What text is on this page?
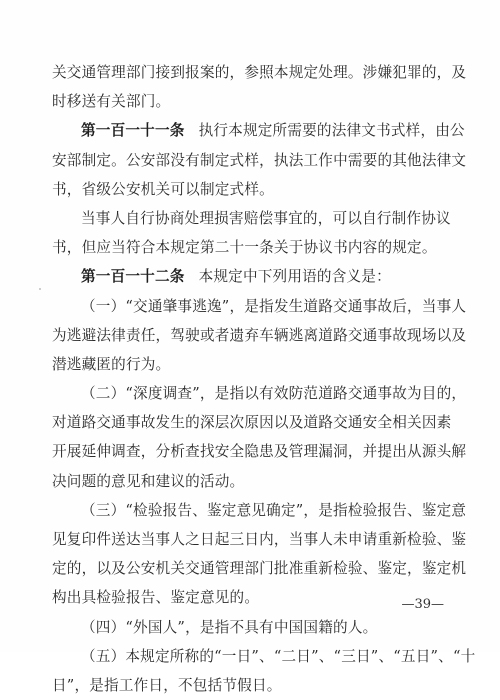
关交通管理部门接到报案的，参照本规定处理。涉嫌犯罪的，及
时移送有关部门。
第一百一十一条 执行本规定所需要的法律文书式样，由公
安部制定。公安部没有制定式样，执法工作中需要的其他法律文
书，省级公安机关可以制定式样。
当事人自行协商处理损害赔偿事宜的，可以自行制作协议
书，但应当符合本规定第二十一条关于协议书内容的规定。
第一百一十二条 本规定中下列用语的含义是：
（一）“交通肇事逃逸”，是指发生道路交通事故后，当事人
为逃避法律责任，驾驶或者遗弃车辆逃离道路交通事故现场以及
潜逃藏匿的行为。
（二）“深度调查”，是指以有效防范道路交通事故为目的，
对道路交通事故发生的深层次原因以及道路交通安全相关因素
开展延伸调查，分析查找安全隐患及管理漏洞，并提出从源头解
决问题的意见和建议的活动。
（三）“检验报告、鉴定意见确定”，是指检验报告、鉴定意
见复印件送达当事人之日起三日内，当事人未申请重新检验、鉴
定的，以及公安机关交通管理部门批准重新检验、鉴定，鉴定机
构出具检验报告、鉴定意见的。
（四）“外国人”，是指不具有中国国籍的人。
（五）本规定所称的“一日”、“二日”、“三日”、“五日”、“十
日”，是指工作日，不包括节假日。
—39—
